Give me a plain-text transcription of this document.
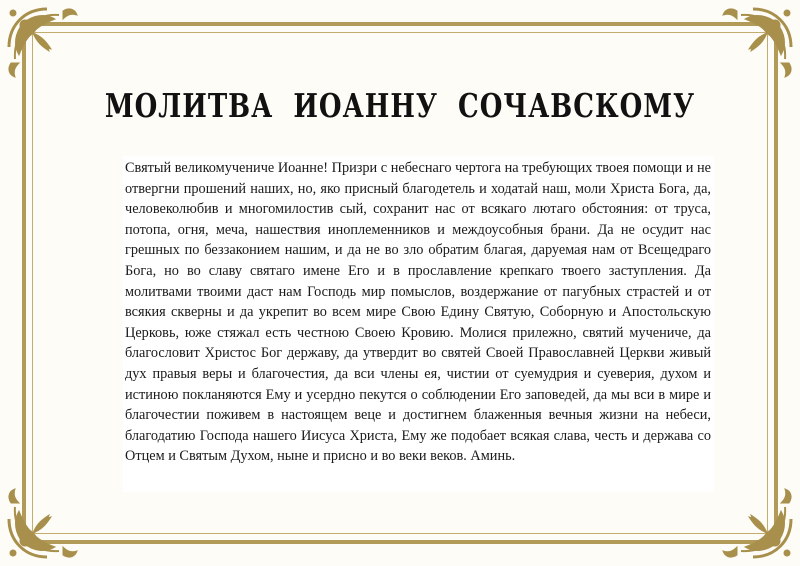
МОЛИТВА ИОАННУ СОЧАВСКОМУ

Святый великомучениче Иоанне! Призри с небеснаго чертога на требующих твоея помощи и не отвергни прошений наших, но, яко присный благодетель и ходатай наш, моли Христа Бога, да, человеколюбив и многомилостив сый, сохранит нас от всякаго лютаго обстояния: от труса, потопа, огня, меча, нашествия иноплеменников и междоусобныя брани. Да не осудит нас грешных по беззаконием нашим, и да не во зло обратим благая, даруемая нам от Всещедраго Бога, но во славу святаго имене Его и в прославление крепкаго твоего заступления. Да молитвами твоими даст нам Господь мир помыслов, воздержание от пагубных страстей и от всякия скверны и да укрепит во всем мире Свою Едину Святую, Соборную и Апостольскую Церковь, юже стяжал есть честною Своею Кровию. Молися прилежно, святий мучениче, да благословит Христос Бог державу, да утвердит во святей Своей Православней Церкви живый дух правыя веры и благочестия, да вси члены ея, чистии от суемудрия и суеверия, духом и истиною покланяются Ему и усердно пекутся о соблюдении Его заповедей, да мы вси в мире и благочестии поживем в настоящем веце и достигнем блаженныя вечныя жизни на небеси, благодатию Господа нашего Иисуса Христа, Ему же подобает всякая слава, честь и держава со Отцем и Святым Духом, ныне и присно и во веки веков. Аминь.
